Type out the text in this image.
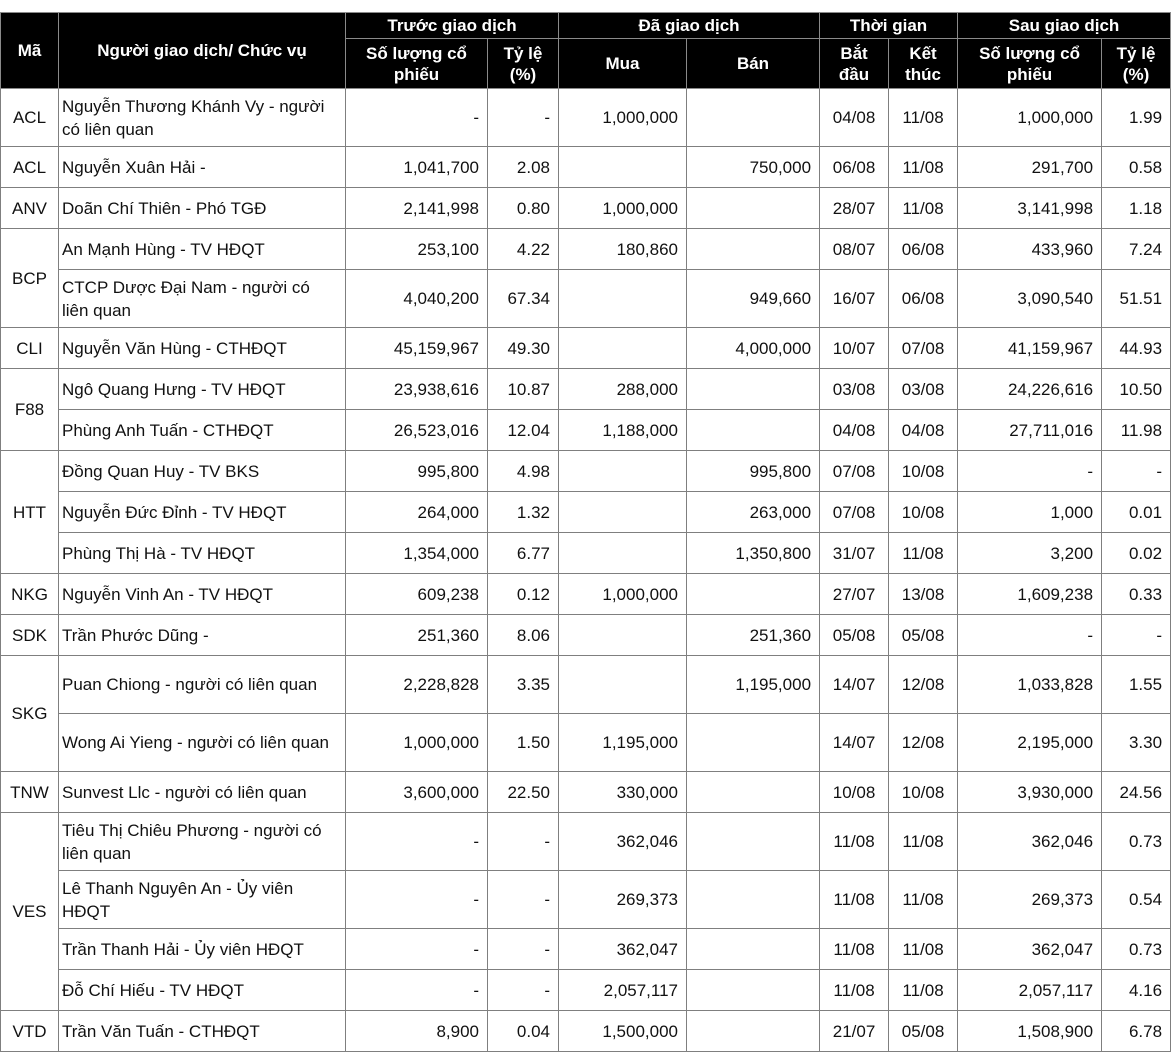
Mã	Người giao dịch/ Chức vụ	Trước giao dịch		Đã giao dịch		Thời gian		Sau giao dịch	
		Số lượng cổ phiếu	Tỷ lệ (%)	Mua	Bán	Bắt đầu	Kết thúc	Số lượng cổ phiếu	Tỷ lệ (%)
ACL	Nguyễn Thương Khánh Vy - người có liên quan	-	-	1,000,000		04/08	11/08	1,000,000	1.99
ACL	Nguyễn Xuân Hải -	1,041,700	2.08		750,000	06/08	11/08	291,700	0.58
ANV	Doãn Chí Thiên - Phó TGĐ	2,141,998	0.80	1,000,000		28/07	11/08	3,141,998	1.18
BCP	An Mạnh Hùng - TV HĐQT	253,100	4.22	180,860		08/07	06/08	433,960	7.24
	CTCP Dược Đại Nam - người có liên quan	4,040,200	67.34		949,660	16/07	06/08	3,090,540	51.51
CLI	Nguyễn Văn Hùng - CTHĐQT	45,159,967	49.30		4,000,000	10/07	07/08	41,159,967	44.93
F88	Ngô Quang Hưng - TV HĐQT	23,938,616	10.87	288,000		03/08	03/08	24,226,616	10.50
	Phùng Anh Tuấn - CTHĐQT	26,523,016	12.04	1,188,000		04/08	04/08	27,711,016	11.98
HTT	Đồng Quan Huy - TV BKS	995,800	4.98		995,800	07/08	10/08	-	-
	Nguyễn Đức Đỉnh - TV HĐQT	264,000	1.32		263,000	07/08	10/08	1,000	0.01
	Phùng Thị Hà - TV HĐQT	1,354,000	6.77		1,350,800	31/07	11/08	3,200	0.02
NKG	Nguyễn Vinh An - TV HĐQT	609,238	0.12	1,000,000		27/07	13/08	1,609,238	0.33
SDK	Trần Phước Dũng -	251,360	8.06		251,360	05/08	05/08	-	-
SKG	Puan Chiong - người có liên quan	2,228,828	3.35		1,195,000	14/07	12/08	1,033,828	1.55
	Wong Ai Yieng - người có liên quan	1,000,000	1.50	1,195,000		14/07	12/08	2,195,000	3.30
TNW	Sunvest Llc - người có liên quan	3,600,000	22.50	330,000		10/08	10/08	3,930,000	24.56
VES	Tiêu Thị Chiêu Phương - người có liên quan	-	-	362,046		11/08	11/08	362,046	0.73
	Lê Thanh Nguyên An - Ủy viên HĐQT	-	-	269,373		11/08	11/08	269,373	0.54
	Trần Thanh Hải - Ủy viên HĐQT	-	-	362,047		11/08	11/08	362,047	0.73
	Đỗ Chí Hiếu - TV HĐQT	-	-	2,057,117		11/08	11/08	2,057,117	4.16
VTD	Trần Văn Tuấn - CTHĐQT	8,900	0.04	1,500,000		21/07	05/08	1,508,900	6.78
